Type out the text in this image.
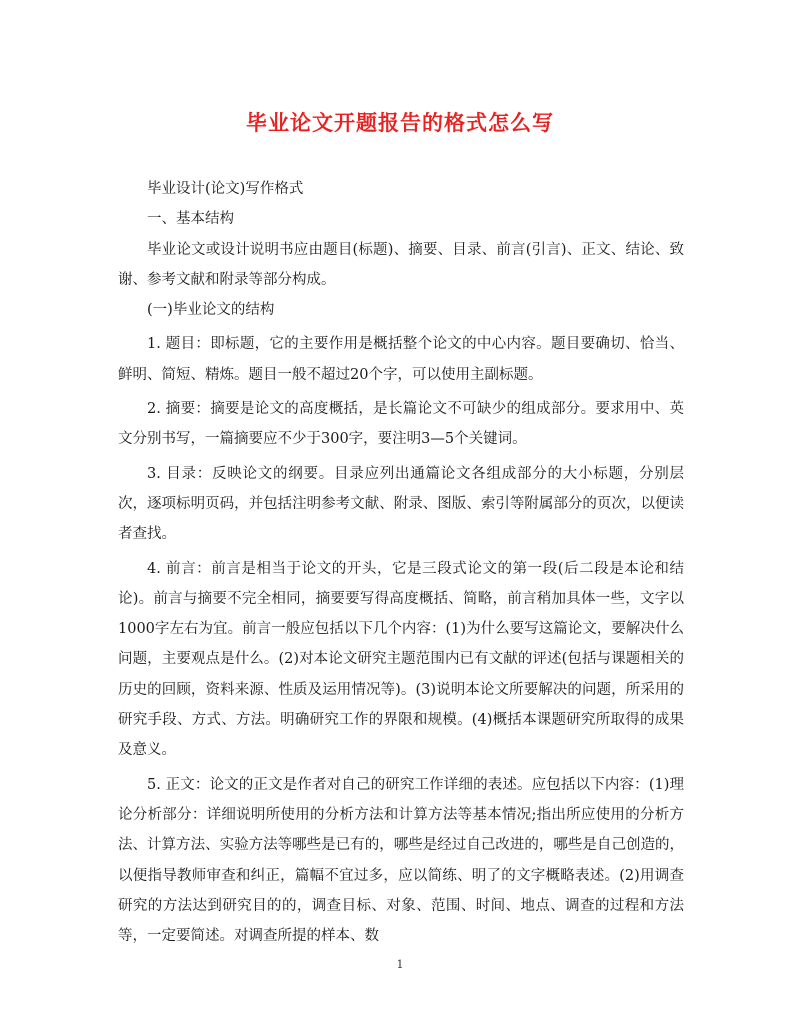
毕业论文开题报告的格式怎么写

毕业设计(论文)写作格式

一、基本结构

毕业论文或设计说明书应由题目(标题)、摘要、目录、前言(引言)、正文、结论、致谢、参考文献和附录等部分构成。

(一)毕业论文的结构

1. 题目：即标题，它的主要作用是概括整个论文的中心内容。题目要确切、恰当、鲜明、简短、精炼。题目一般不超过20个字，可以使用主副标题。

2. 摘要：摘要是论文的高度概括，是长篇论文不可缺少的组成部分。要求用中、英文分别书写，一篇摘要应不少于300字，要注明3—5个关键词。

3. 目录：反映论文的纲要。目录应列出通篇论文各组成部分的大小标题，分别层次，逐项标明页码，并包括注明参考文献、附录、图版、索引等附属部分的页次，以便读者查找。

4. 前言：前言是相当于论文的开头，它是三段式论文的第一段(后二段是本论和结论)。前言与摘要不完全相同，摘要要写得高度概括、简略，前言稍加具体一些，文字以1000字左右为宜。前言一般应包括以下几个内容：(1)为什么要写这篇论文，要解决什么问题，主要观点是什么。(2)对本论文研究主题范围内已有文献的评述(包括与课题相关的历史的回顾，资料来源、性质及运用情况等)。(3)说明本论文所要解决的问题，所采用的研究手段、方式、方法。明确研究工作的界限和规模。(4)概括本课题研究所取得的成果及意义。

5. 正文：论文的正文是作者对自己的研究工作详细的表述。应包括以下内容：(1)理论分析部分：详细说明所使用的分析方法和计算方法等基本情况;指出所应使用的分析方法、计算方法、实验方法等哪些是已有的，哪些是经过自己改进的，哪些是自己创造的，以便指导教师审查和纠正，篇幅不宜过多，应以简练、明了的文字概略表述。(2)用调查研究的方法达到研究目的的，调查目标、对象、范围、时间、地点、调查的过程和方法等，一定要简述。对调查所提的样本、数

1
